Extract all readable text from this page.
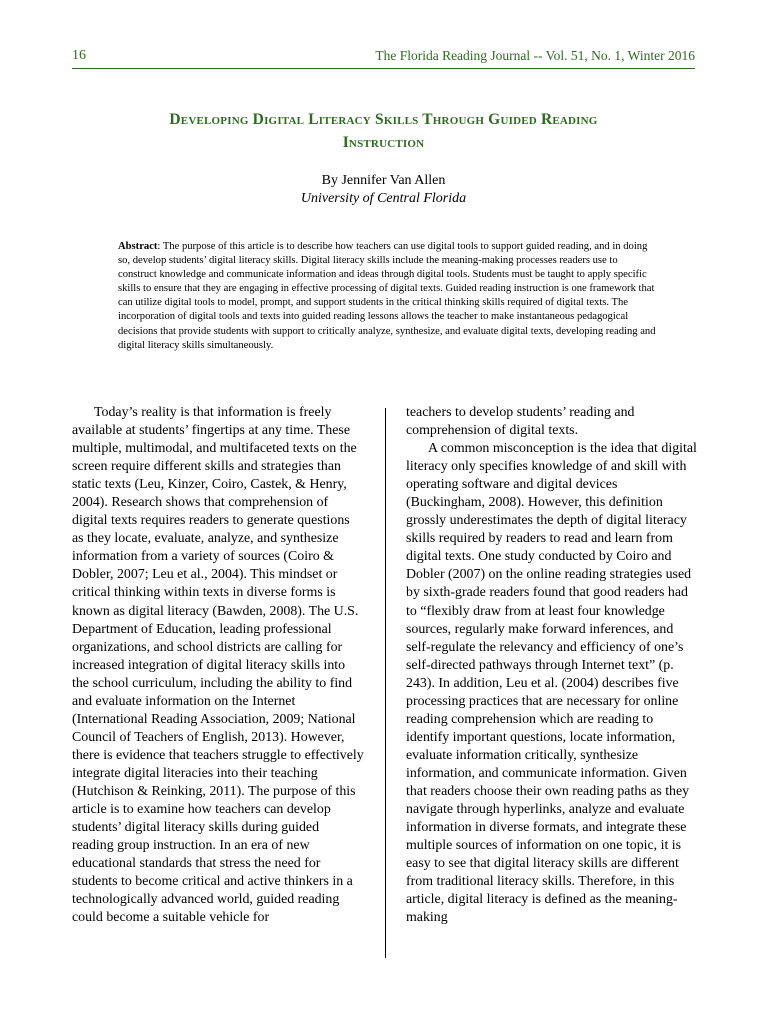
16	The Florida Reading Journal -- Vol. 51, No. 1, Winter 2016
Developing Digital Literacy Skills Through Guided Reading
Instruction
By Jennifer Van Allen
University of Central Florida
Abstract: The purpose of this article is to describe how teachers can use digital tools to support guided reading, and in doing so, develop students’ digital literacy skills. Digital literacy skills include the meaning-making processes readers use to construct knowledge and communicate information and ideas through digital tools. Students must be taught to apply specific skills to ensure that they are engaging in effective processing of digital texts. Guided reading instruction is one framework that can utilize digital tools to model, prompt, and support students in the critical thinking skills required of digital texts. The incorporation of digital tools and texts into guided reading lessons allows the teacher to make instantaneous pedagogical decisions that provide students with support to critically analyze, synthesize, and evaluate digital texts, developing reading and digital literacy skills simultaneously.

Today’s reality is that information is freely available at students’ fingertips at any time. These multiple, multimodal, and multifaceted texts on the screen require different skills and strategies than static texts (Leu, Kinzer, Coiro, Castek, & Henry, 2004). Research shows that comprehension of digital texts requires readers to generate questions as they locate, evaluate, analyze, and synthesize information from a variety of sources (Coiro & Dobler, 2007; Leu et al., 2004). This mindset or critical thinking within texts in diverse forms is known as digital literacy (Bawden, 2008). The U.S. Department of Education, leading professional organizations, and school districts are calling for increased integration of digital literacy skills into the school curriculum, including the ability to find and evaluate information on the Internet (International Reading Association, 2009; National Council of Teachers of English, 2013). However, there is evidence that teachers struggle to effectively integrate digital literacies into their teaching (Hutchison & Reinking, 2011). The purpose of this article is to examine how teachers can develop students’ digital literacy skills during guided reading group instruction. In an era of new educational standards that stress the need for students to become critical and active thinkers in a technologically advanced world, guided reading could become a suitable vehicle for

teachers to develop students’ reading and comprehension of digital texts.

A common misconception is the idea that digital literacy only specifies knowledge of and skill with operating software and digital devices (Buckingham, 2008). However, this definition grossly underestimates the depth of digital literacy skills required by readers to read and learn from digital texts. One study conducted by Coiro and Dobler (2007) on the online reading strategies used by sixth-grade readers found that good readers had to “flexibly draw from at least four knowledge sources, regularly make forward inferences, and self-regulate the relevancy and efficiency of one’s self-directed pathways through Internet text” (p. 243). In addition, Leu et al. (2004) describes five processing practices that are necessary for online reading comprehension which are reading to identify important questions, locate information, evaluate information critically, synthesize information, and communicate information. Given that readers choose their own reading paths as they navigate through hyperlinks, analyze and evaluate information in diverse formats, and integrate these multiple sources of information on one topic, it is easy to see that digital literacy skills are different from traditional literacy skills. Therefore, in this article, digital literacy is defined as the meaning-making
